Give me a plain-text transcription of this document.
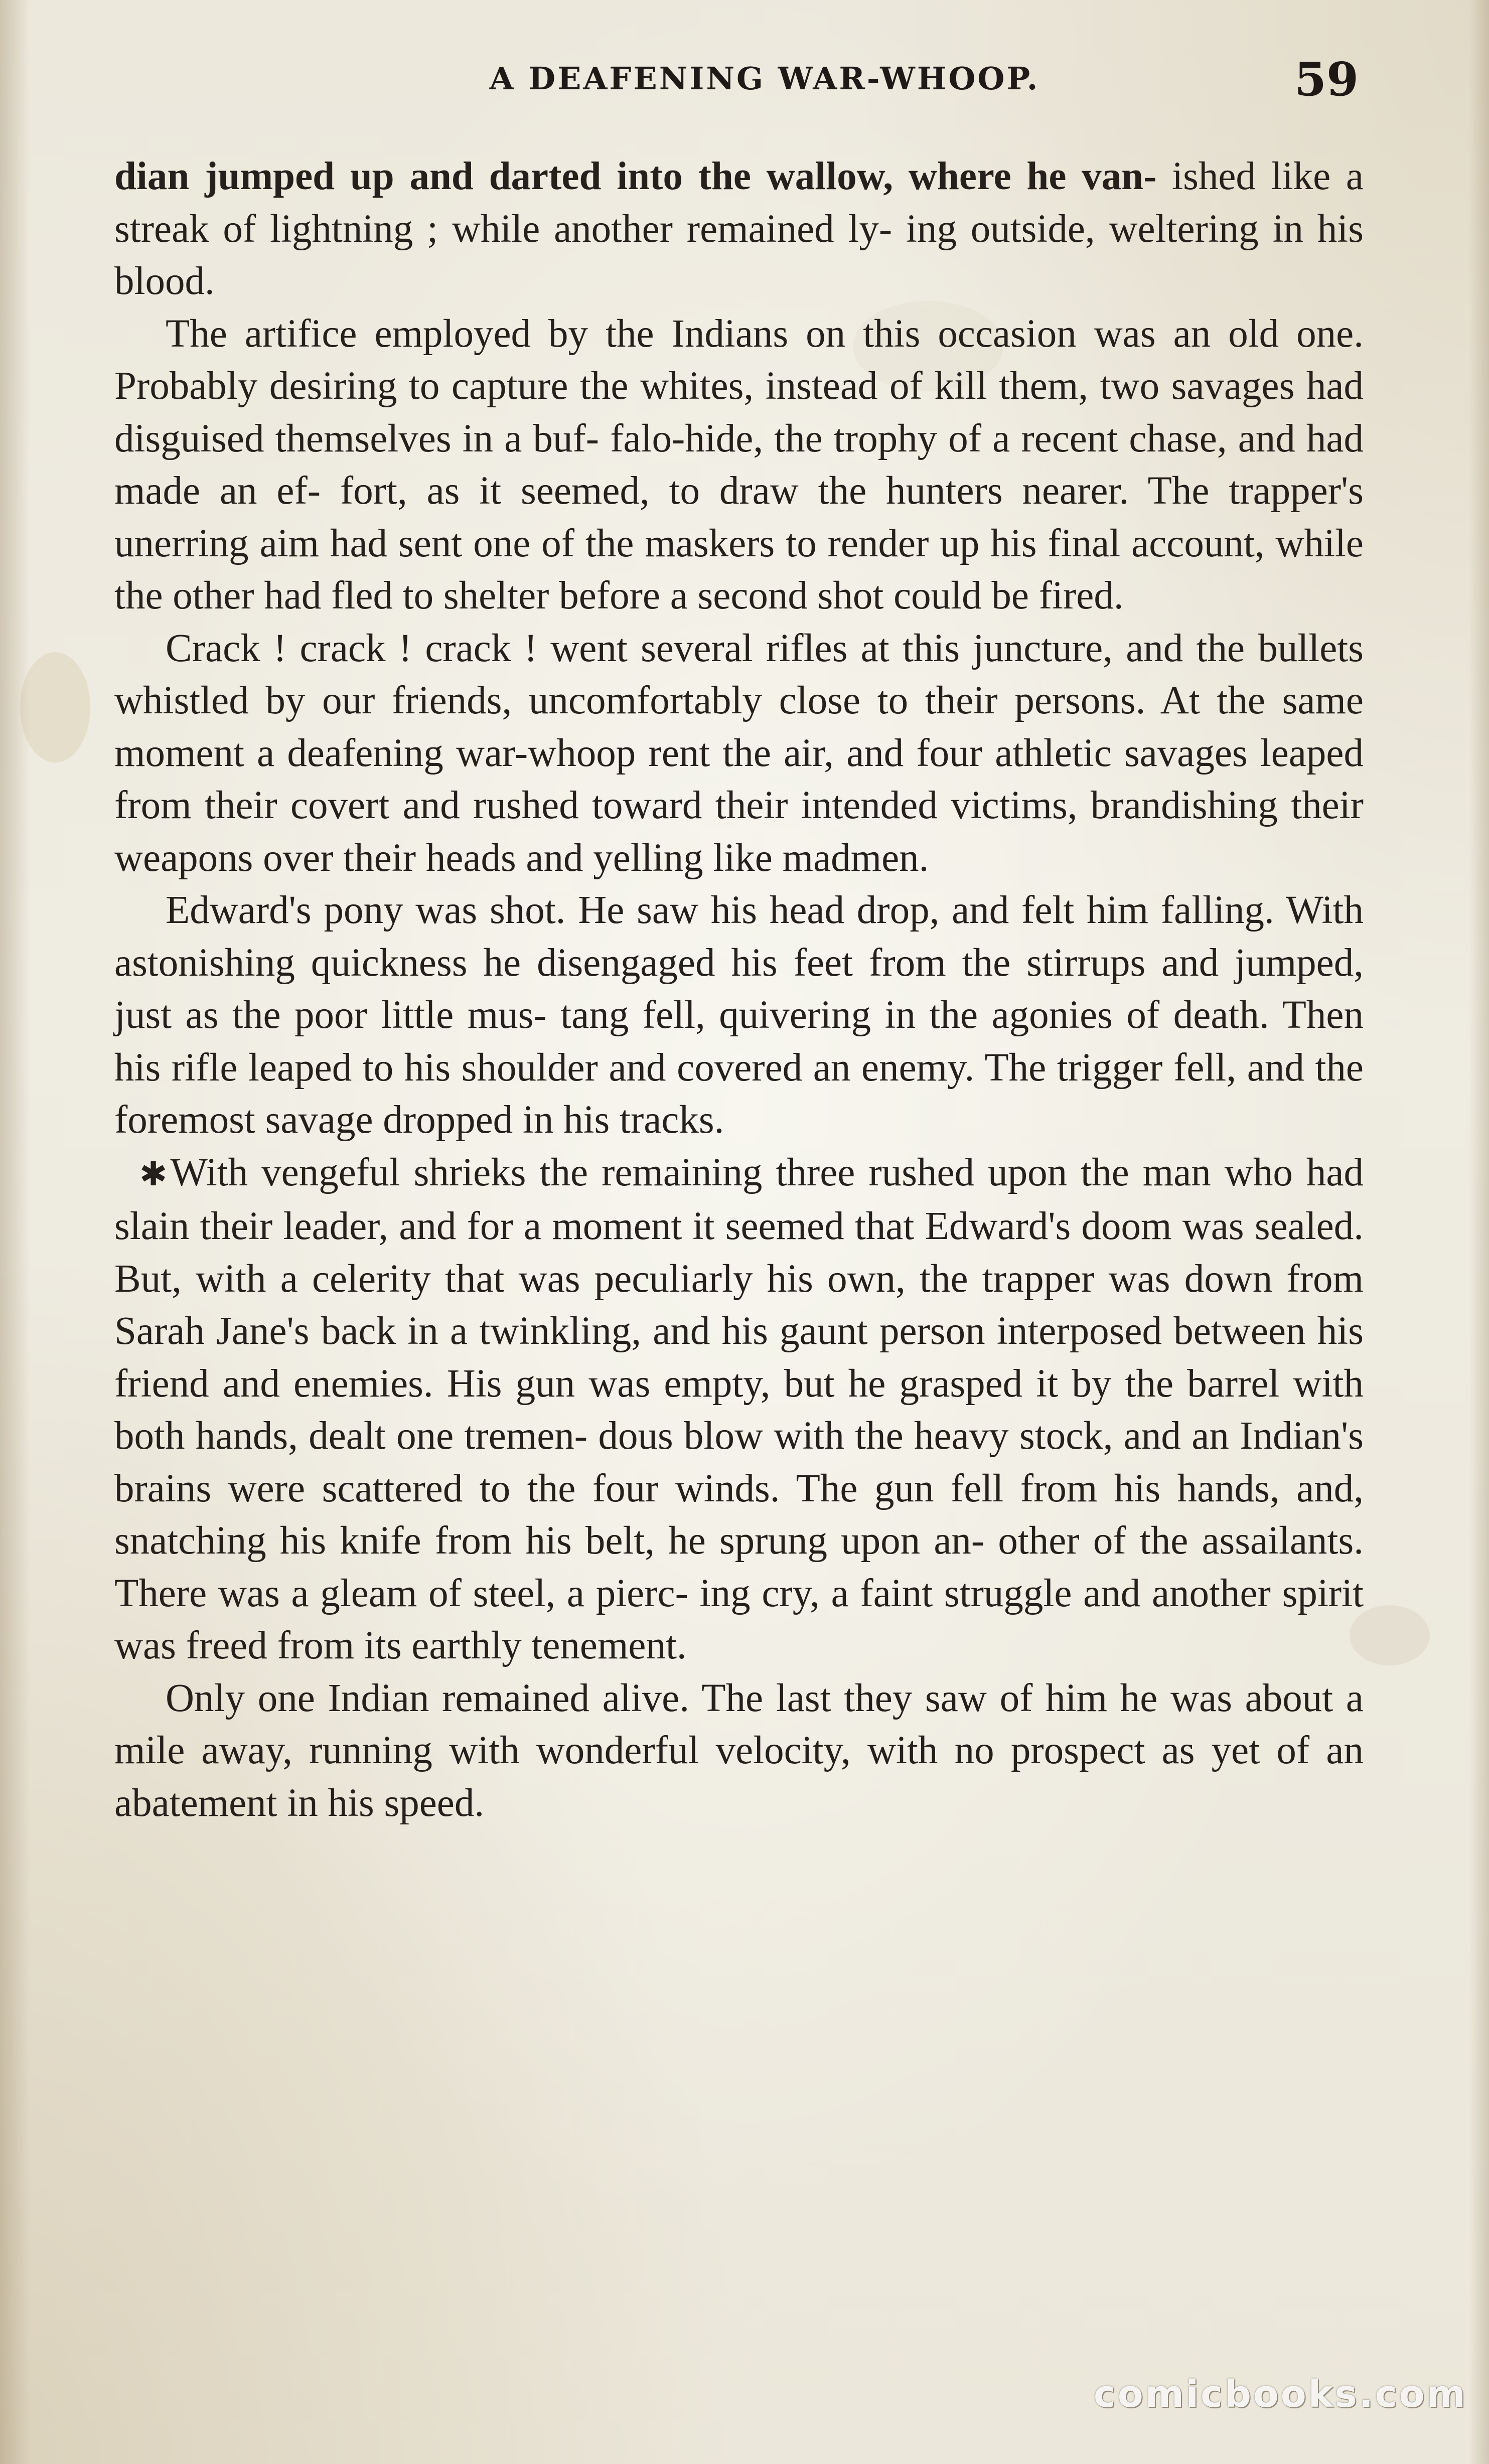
A DEAFENING WAR-WHOOP.	59

dian jumped up and darted into the wallow, where he van- ished like a streak of lightning ; while another remained ly- ing outside, weltering in his blood.

The artifice employed by the Indians on this occasion was an old one. Probably desiring to capture the whites, instead of kill them, two savages had disguised themselves in a buf- falo-hide, the trophy of a recent chase, and had made an ef- fort, as it seemed, to draw the hunters nearer. The trapper's unerring aim had sent one of the maskers to render up his final account, while the other had fled to shelter before a second shot could be fired.

Crack ! crack ! crack ! went several rifles at this juncture, and the bullets whistled by our friends, uncomfortably close to their persons. At the same moment a deafening war-whoop rent the air, and four athletic savages leaped from their covert and rushed toward their intended victims, brandishing their weapons over their heads and yelling like madmen.

Edward's pony was shot. He saw his head drop, and felt him falling. With astonishing quickness he disengaged his feet from the stirrups and jumped, just as the poor little mus- tang fell, quivering in the agonies of death. Then his rifle leaped to his shoulder and covered an enemy. The trigger fell, and the foremost savage dropped in his tracks.

✱With vengeful shrieks the remaining three rushed upon the man who had slain their leader, and for a moment it seemed that Edward's doom was sealed. But, with a celerity that was peculiarly his own, the trapper was down from Sarah Jane's back in a twinkling, and his gaunt person interposed between his friend and enemies. His gun was empty, but he grasped it by the barrel with both hands, dealt one tremen- dous blow with the heavy stock, and an Indian's brains were scattered to the four winds. The gun fell from his hands, and, snatching his knife from his belt, he sprung upon an- other of the assailants. There was a gleam of steel, a pierc- ing cry, a faint struggle and another spirit was freed from its earthly tenement.

Only one Indian remained alive. The last they saw of him he was about a mile away, running with wonderful velocity, with no prospect as yet of an abatement in his speed.

comicbooks.com
